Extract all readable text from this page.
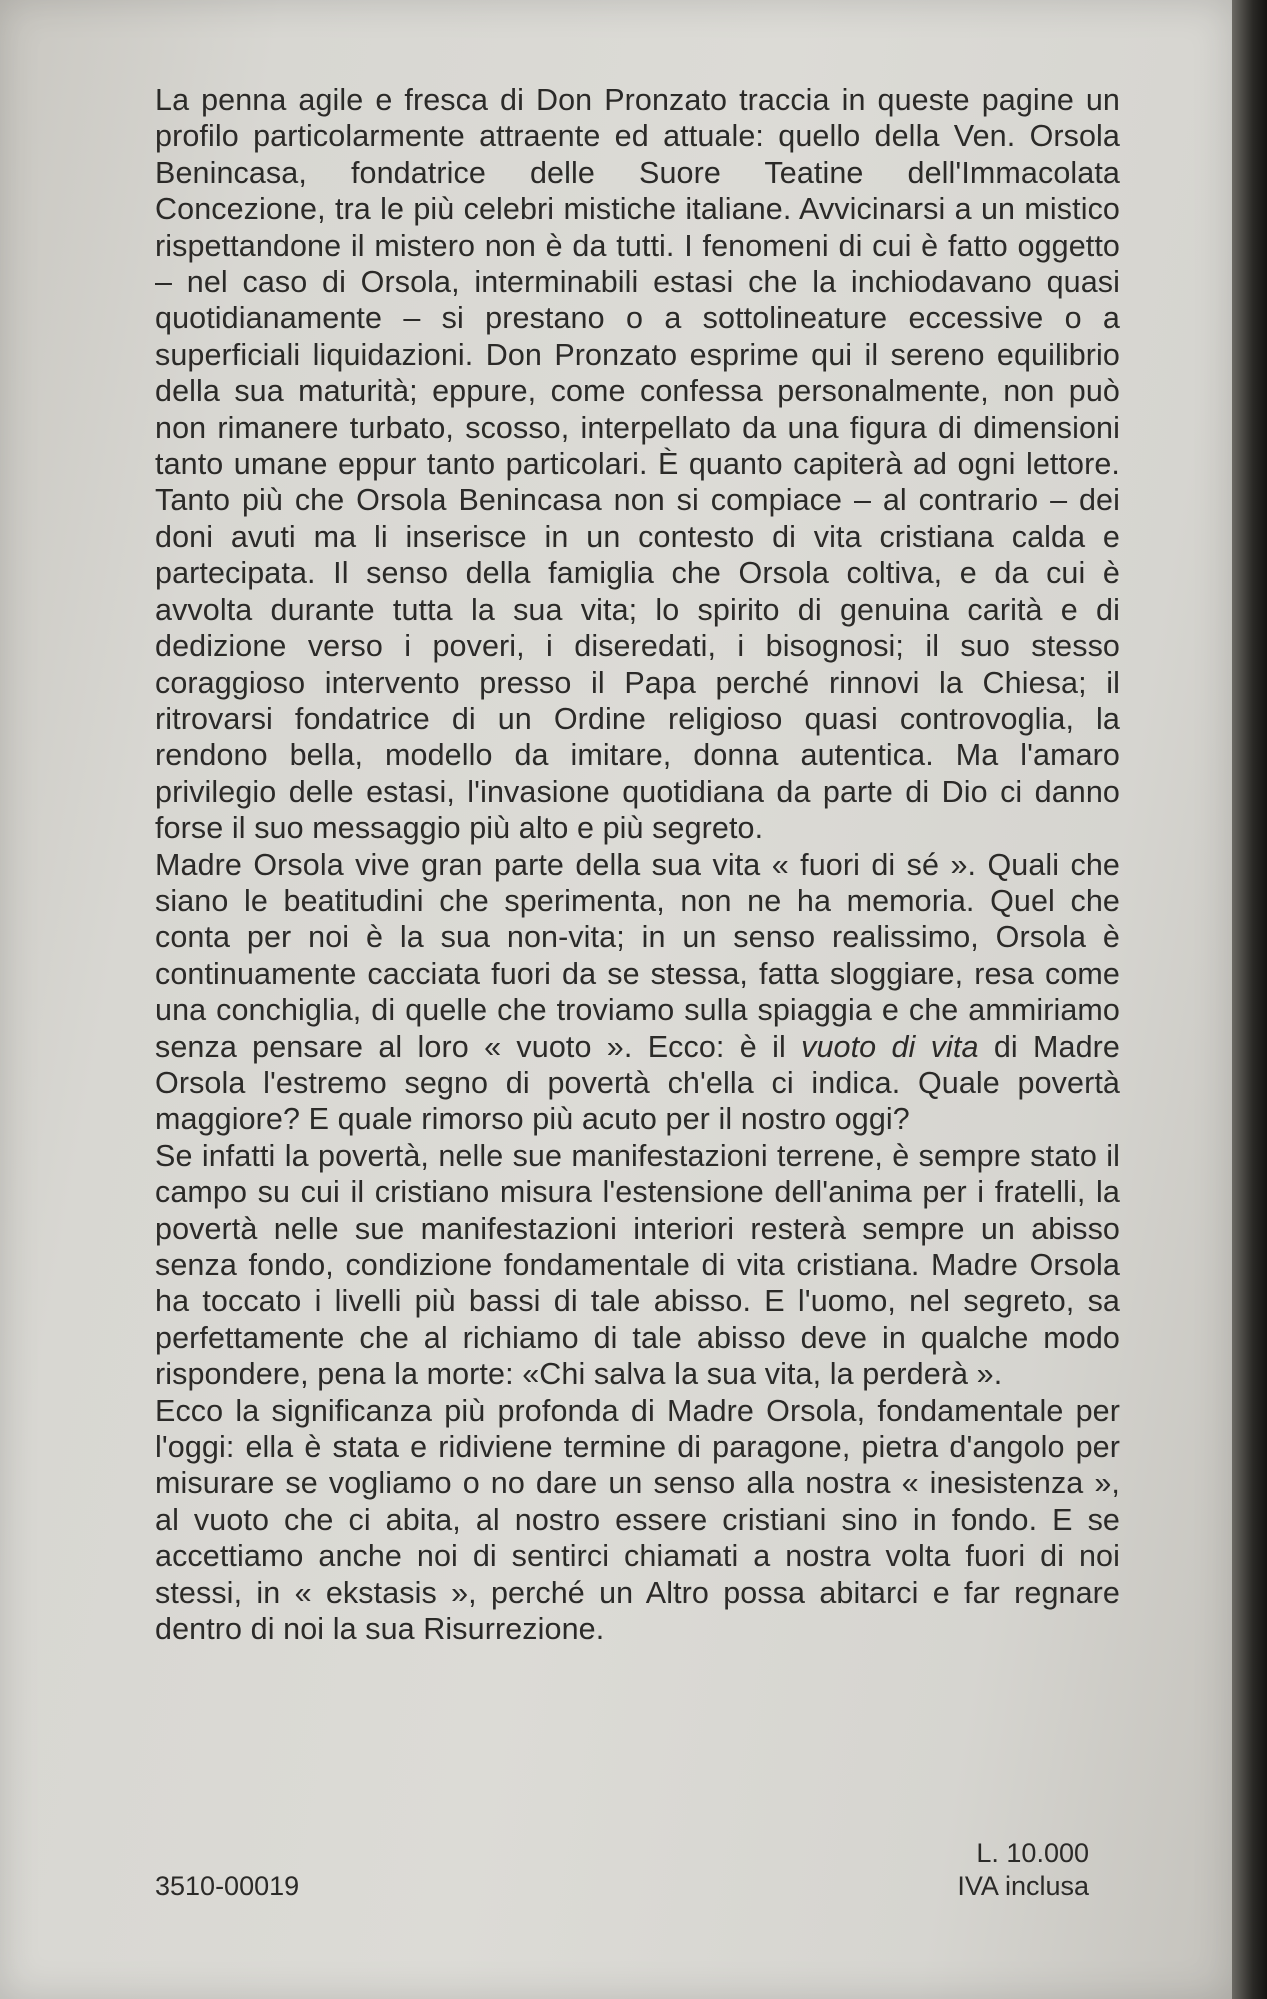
La penna agile e fresca di Don Pronzato traccia in queste pagine un profilo particolarmente attraente ed attuale: quello della Ven. Orsola Benincasa, fondatrice delle Suore Teatine dell'Immacolata Concezione, tra le più celebri mistiche italiane. Avvicinarsi a un mistico rispettandone il mistero non è da tutti. I fenomeni di cui è fatto oggetto – nel caso di Orsola, interminabili estasi che la inchiodavano quasi quotidianamente – si prestano o a sottolineature eccessive o a superficiali liquidazioni. Don Pronzato esprime qui il sereno equilibrio della sua maturità; eppure, come confessa personalmente, non può non rimanere turbato, scosso, interpellato da una figura di dimensioni tanto umane eppur tanto particolari. È quanto capiterà ad ogni lettore. Tanto più che Orsola Benincasa non si compiace – al contrario – dei doni avuti ma li inserisce in un contesto di vita cristiana calda e partecipata. Il senso della famiglia che Orsola coltiva, e da cui è avvolta durante tutta la sua vita; lo spirito di genuina carità e di dedizione verso i poveri, i diseredati, i bisognosi; il suo stesso coraggioso intervento presso il Papa perché rinnovi la Chiesa; il ritrovarsi fondatrice di un Ordine religioso quasi controvoglia, la rendono bella, modello da imitare, donna autentica. Ma l'amaro privilegio delle estasi, l'invasione quotidiana da parte di Dio ci danno forse il suo messaggio più alto e più segreto.

Madre Orsola vive gran parte della sua vita « fuori di sé ». Quali che siano le beatitudini che sperimenta, non ne ha memoria. Quel che conta per noi è la sua non-vita; in un senso realissimo, Orsola è continuamente cacciata fuori da se stessa, fatta sloggiare, resa come una conchiglia, di quelle che troviamo sulla spiaggia e che ammiriamo senza pensare al loro « vuoto ». Ecco: è il vuoto di vita di Madre Orsola l'estremo segno di povertà ch'ella ci indica. Quale povertà maggiore? E quale rimorso più acuto per il nostro oggi?

Se infatti la povertà, nelle sue manifestazioni terrene, è sempre stato il campo su cui il cristiano misura l'estensione dell'anima per i fratelli, la povertà nelle sue manifestazioni interiori resterà sempre un abisso senza fondo, condizione fondamentale di vita cristiana. Madre Orsola ha toccato i livelli più bassi di tale abisso. E l'uomo, nel segreto, sa perfettamente che al richiamo di tale abisso deve in qualche modo rispondere, pena la morte: «Chi salva la sua vita, la perderà ».

Ecco la significanza più profonda di Madre Orsola, fondamentale per l'oggi: ella è stata e ridiviene termine di paragone, pietra d'angolo per misurare se vogliamo o no dare un senso alla nostra « inesistenza », al vuoto che ci abita, al nostro essere cristiani sino in fondo. E se accettiamo anche noi di sentirci chiamati a nostra volta fuori di noi stessi, in « ekstasis », perché un Altro possa abitarci e far regnare dentro di noi la sua Risurrezione.

3510-00019
L. 10.000
IVA inclusa
